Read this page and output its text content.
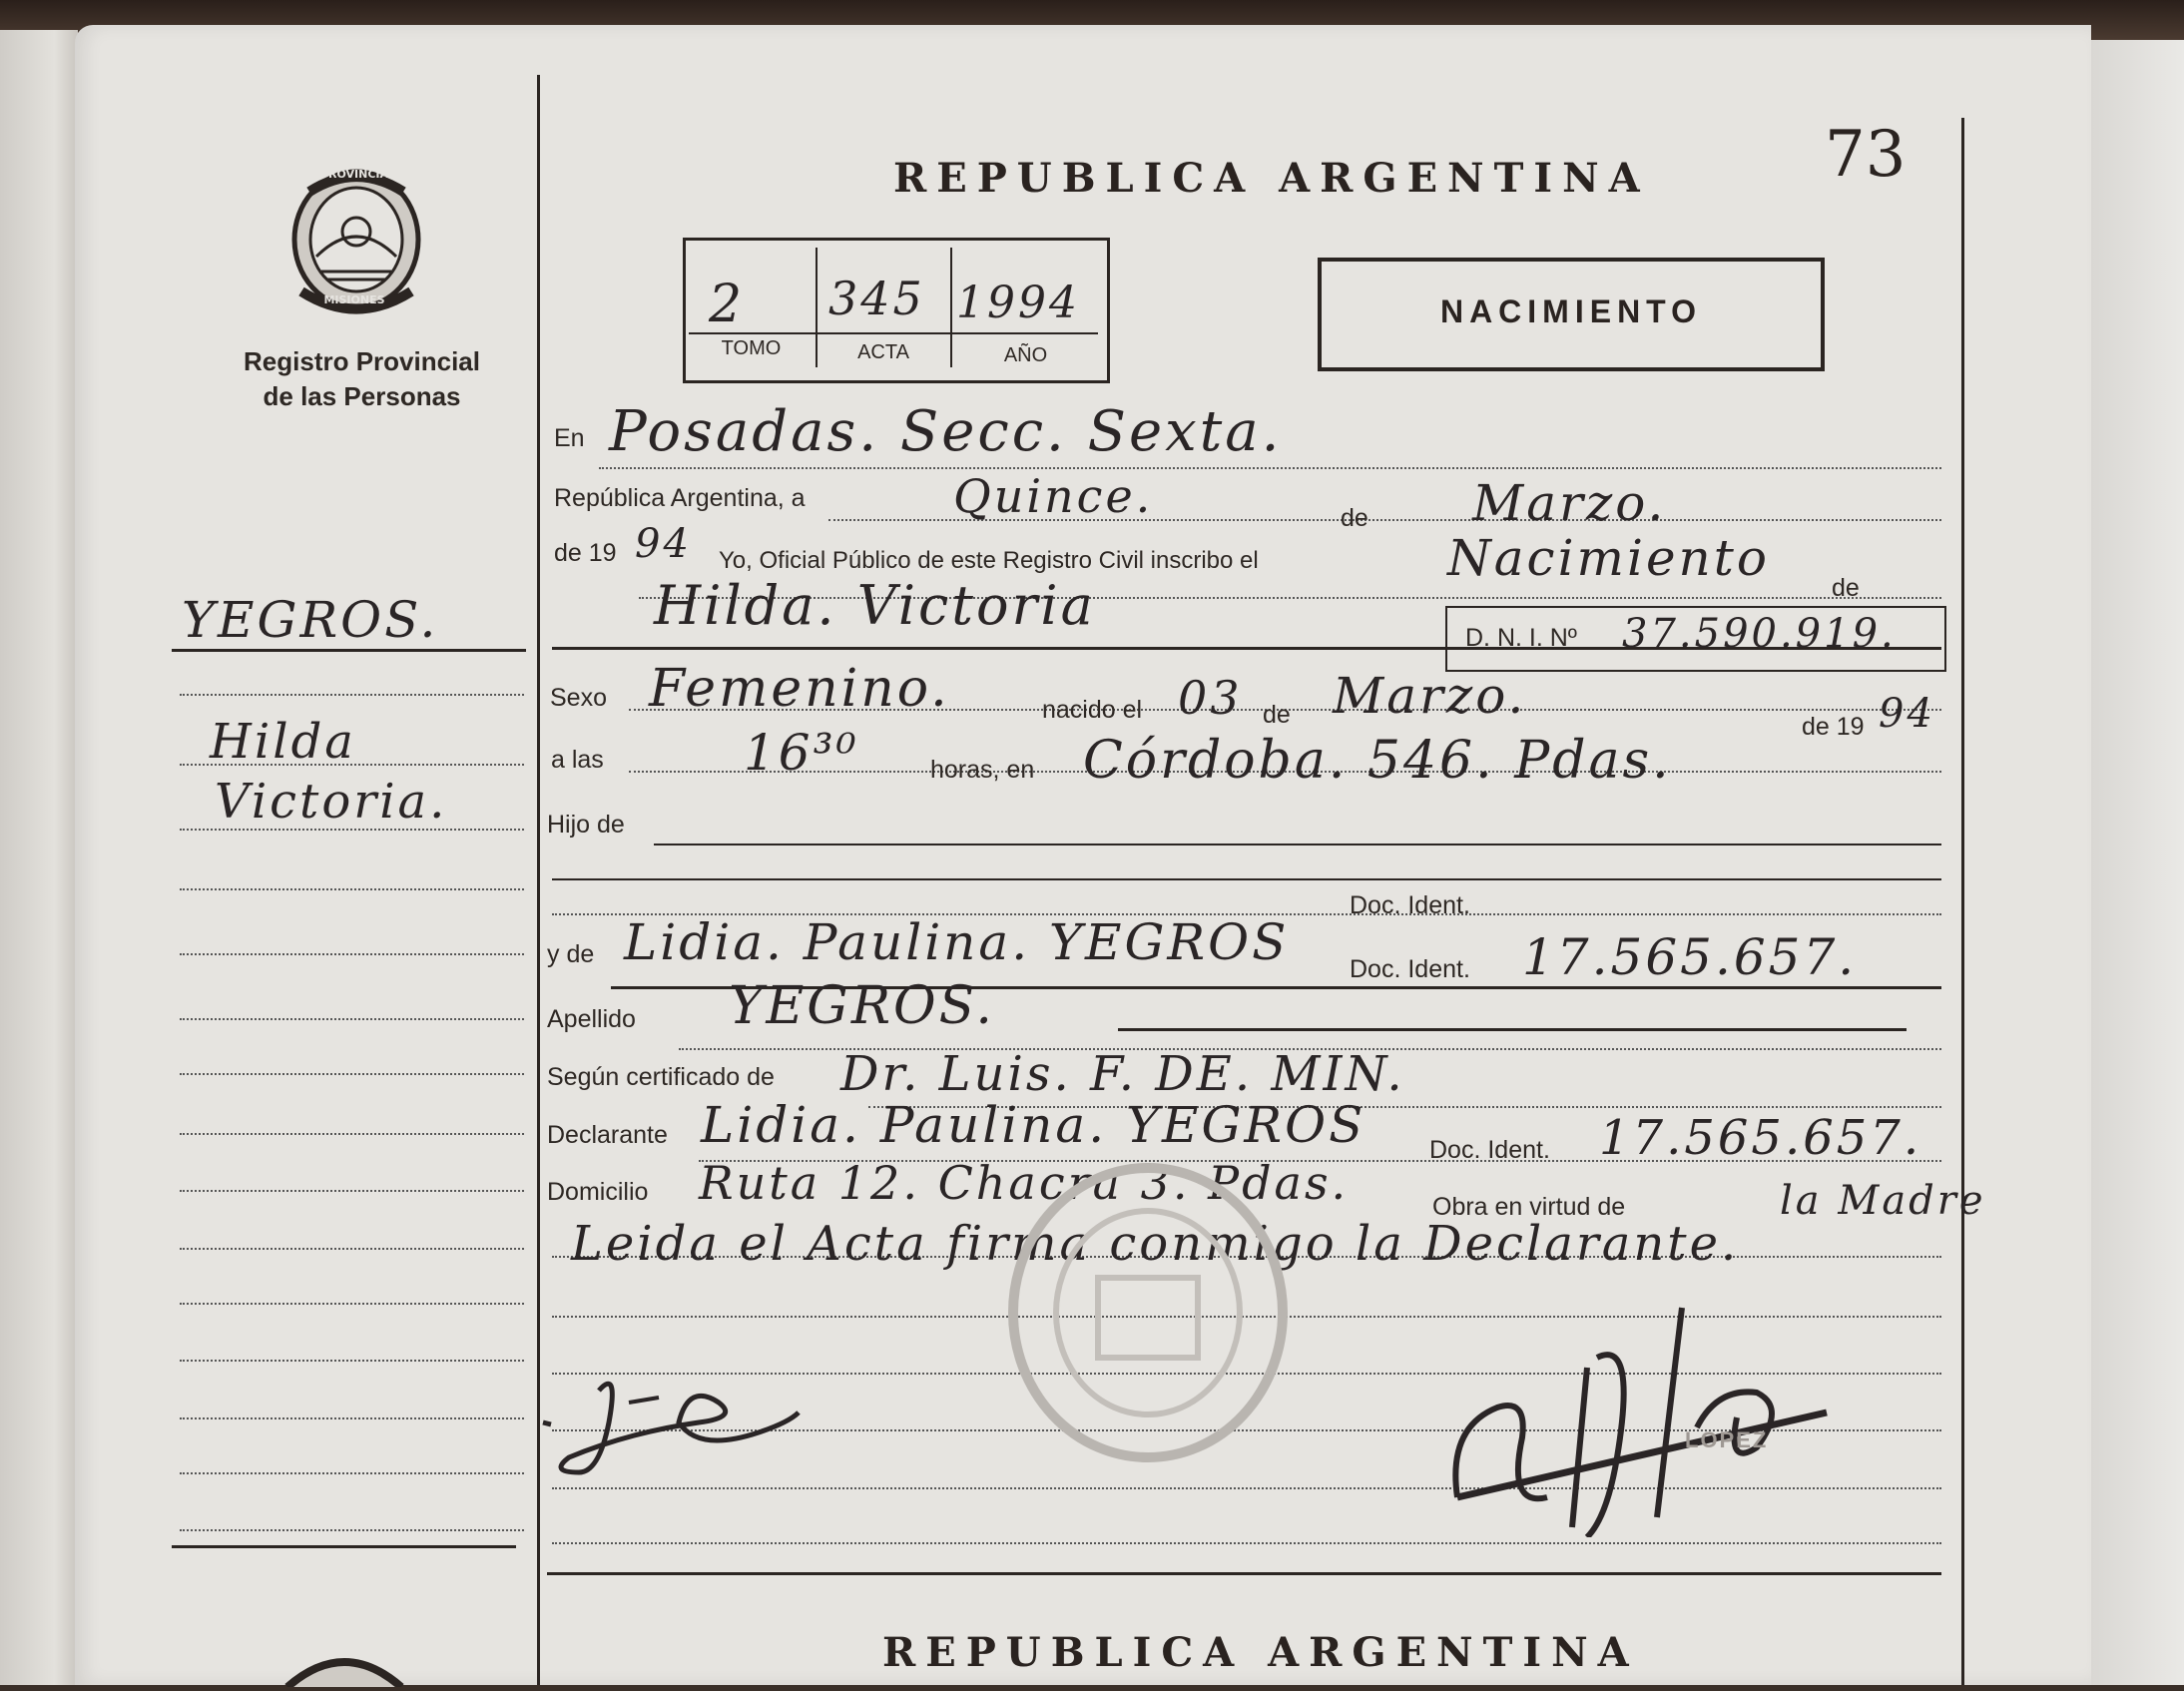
73
REPUBLICA ARGENTINA
PROVINCIA
MISIONES
Registro Provincial
de las Personas
2 345 1994
TOMO	ACTA	AÑO
NACIMIENTO
YEGROS.
Hilda
Victoria.
En Posadas. Secc. Sexta.
República Argentina, a	Quince.	de Marzo.
de 19 94 Yo, Oficial Público de este Registro Civil inscribo el	Nacimiento
de
Hilda. Victoria
D. N. I. Nº 37.590.919.
Sexo Femenino.	nacido el 03 de Marzo.
de 19 94
a las	16³⁰	horas, en Córdoba. 546. Pdas.
Hijo de
Doc. Ident.
y de Lidia. Paulina. YEGROS Doc. Ident. 17.565.657.
Apellido YEGROS.
Según certificado de Dr. Luis. F. DE. MIN.
Declarante Lidia. Paulina. YEGROS	Doc. Ident. 17.565.657.
Domicilio Ruta 12. Chacra 3. Pdas.	Obra en virtud de	la Madre
Leida el Acta firma conmigo la Declarante.
LOPEZ
REPUBLICA ARGENTINA
